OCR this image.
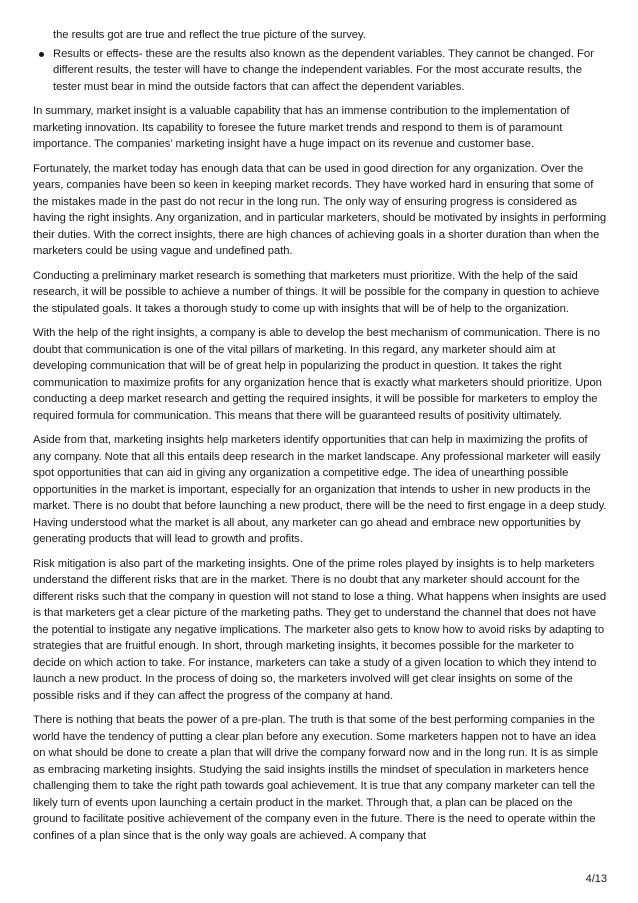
the results got are true and reflect the true picture of the survey.

Results or effects- these are the results also known as the dependent variables. They cannot be changed. For different results, the tester will have to change the independent variables. For the most accurate results, the tester must bear in mind the outside factors that can affect the dependent variables.

In summary, market insight is a valuable capability that has an immense contribution to the implementation of marketing innovation. Its capability to foresee the future market trends and respond to them is of paramount importance. The companies’ marketing insight have a huge impact on its revenue and customer base.

Fortunately, the market today has enough data that can be used in good direction for any organization. Over the years, companies have been so keen in keeping market records. They have worked hard in ensuring that some of the mistakes made in the past do not recur in the long run. The only way of ensuring progress is considered as having the right insights. Any organization, and in particular marketers, should be motivated by insights in performing their duties. With the correct insights, there are high chances of achieving goals in a shorter duration than when the marketers could be using vague and undefined path.

Conducting a preliminary market research is something that marketers must prioritize. With the help of the said research, it will be possible to achieve a number of things. It will be possible for the company in question to achieve the stipulated goals. It takes a thorough study to come up with insights that will be of help to the organization.

With the help of the right insights, a company is able to develop the best mechanism of communication. There is no doubt that communication is one of the vital pillars of marketing. In this regard, any marketer should aim at developing communication that will be of great help in popularizing the product in question. It takes the right communication to maximize profits for any organization hence that is exactly what marketers should prioritize. Upon conducting a deep market research and getting the required insights, it will be possible for marketers to employ the required formula for communication. This means that there will be guaranteed results of positivity ultimately.

Aside from that, marketing insights help marketers identify opportunities that can help in maximizing the profits of any company. Note that all this entails deep research in the market landscape. Any professional marketer will easily spot opportunities that can aid in giving any organization a competitive edge. The idea of unearthing possible opportunities in the market is important, especially for an organization that intends to usher in new products in the market. There is no doubt that before launching a new product, there will be the need to first engage in a deep study. Having understood what the market is all about, any marketer can go ahead and embrace new opportunities by generating products that will lead to growth and profits.

Risk mitigation is also part of the marketing insights. One of the prime roles played by insights is to help marketers understand the different risks that are in the market. There is no doubt that any marketer should account for the different risks such that the company in question will not stand to lose a thing. What happens when insights are used is that marketers get a clear picture of the marketing paths. They get to understand the channel that does not have the potential to instigate any negative implications. The marketer also gets to know how to avoid risks by adapting to strategies that are fruitful enough. In short, through marketing insights, it becomes possible for the marketer to decide on which action to take. For instance, marketers can take a study of a given location to which they intend to launch a new product. In the process of doing so, the marketers involved will get clear insights on some of the possible risks and if they can affect the progress of the company at hand.

There is nothing that beats the power of a pre-plan. The truth is that some of the best performing companies in the world have the tendency of putting a clear plan before any execution. Some marketers happen not to have an idea on what should be done to create a plan that will drive the company forward now and in the long run. It is as simple as embracing marketing insights. Studying the said insights instills the mindset of speculation in marketers hence challenging them to take the right path towards goal achievement. It is true that any company marketer can tell the likely turn of events upon launching a certain product in the market. Through that, a plan can be placed on the ground to facilitate positive achievement of the company even in the future. There is the need to operate within the confines of a plan since that is the only way goals are achieved. A company that

4/13
